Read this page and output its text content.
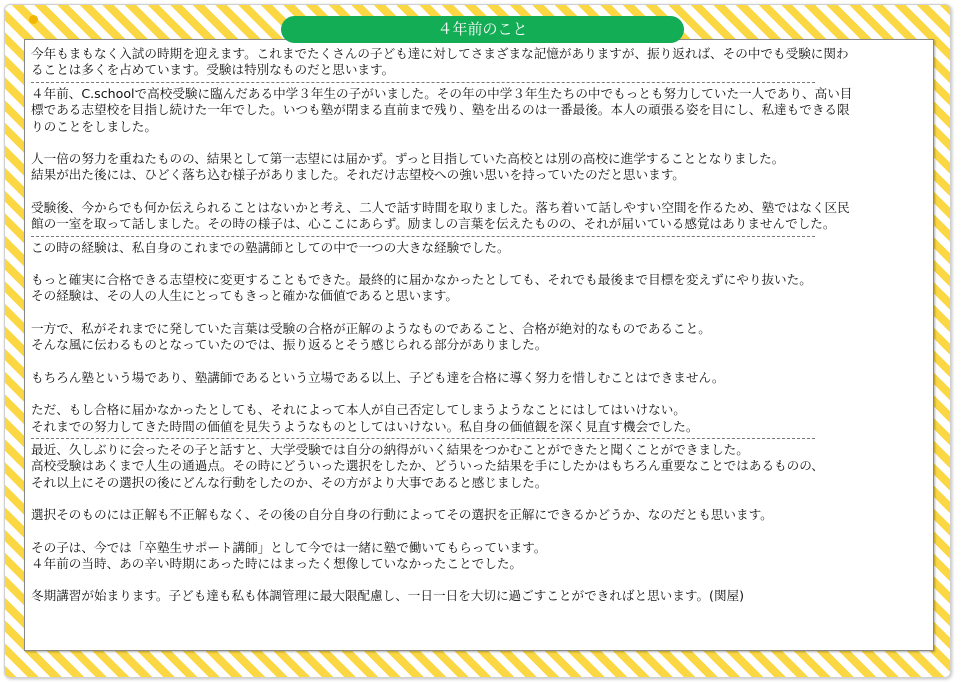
４年前のこと

今年もまもなく入試の時期を迎えます。これまでたくさんの子ども達に対してさまざまな記憶がありますが、振り返れば、その中でも受験に関わ

ることは多くを占めています。受験は特別なものだと思います。

４年前、C.schoolで高校受験に臨んだある中学３年生の子がいました。その年の中学３年生たちの中でもっとも努力していた一人であり、高い目

標である志望校を目指し続けた一年でした。いつも塾が閉まる直前まで残り、塾を出るのは一番最後。本人の頑張る姿を目にし、私達もできる限

りのことをしました。

人一倍の努力を重ねたものの、結果として第一志望には届かず。ずっと目指していた高校とは別の高校に進学することとなりました。

結果が出た後には、ひどく落ち込む様子がありました。それだけ志望校への強い思いを持っていたのだと思います。

受験後、今からでも何か伝えられることはないかと考え、二人で話す時間を取りました。落ち着いて話しやすい空間を作るため、塾ではなく区民

館の一室を取って話しました。その時の様子は、心ここにあらず。励ましの言葉を伝えたものの、それが届いている感覚はありませんでした。

この時の経験は、私自身のこれまでの塾講師としての中で一つの大きな経験でした。

もっと確実に合格できる志望校に変更することもできた。最終的に届かなかったとしても、それでも最後まで目標を変えずにやり抜いた。

その経験は、その人の人生にとってもきっと確かな価値であると思います。

一方で、私がそれまでに発していた言葉は受験の合格が正解のようなものであること、合格が絶対的なものであること。

そんな風に伝わるものとなっていたのでは、振り返るとそう感じられる部分がありました。

もちろん塾という場であり、塾講師であるという立場である以上、子ども達を合格に導く努力を惜しむことはできません。

ただ、もし合格に届かなかったとしても、それによって本人が自己否定してしまうようなことにはしてはいけない。

それまでの努力してきた時間の価値を見失うようなものとしてはいけない。私自身の価値観を深く見直す機会でした。

最近、久しぶりに会ったその子と話すと、大学受験では自分の納得がいく結果をつかむことができたと聞くことができました。

高校受験はあくまで人生の通過点。その時にどういった選択をしたか、どういった結果を手にしたかはもちろん重要なことではあるものの、

それ以上にその選択の後にどんな行動をしたのか、その方がより大事であると感じました。

選択そのものには正解も不正解もなく、その後の自分自身の行動によってその選択を正解にできるかどうか、なのだとも思います。

その子は、今では「卒塾生サポート講師」として今では一緒に塾で働いてもらっています。

４年前の当時、あの辛い時期にあった時にはまったく想像していなかったことでした。

冬期講習が始まります。子ども達も私も体調管理に最大限配慮し、一日一日を大切に過ごすことができればと思います。(関屋)
